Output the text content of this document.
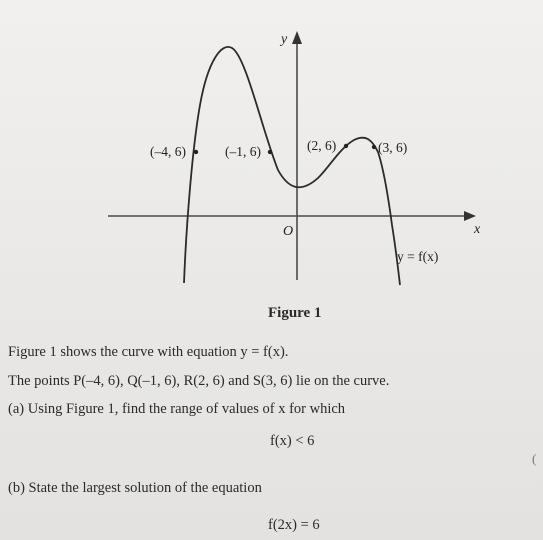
(–4, 6)	(–1, 6)	(2, 6)	(3, 6)
y
x
O
y = f(x)
Figure 1
Figure 1 shows the curve with equation y = f(x).
The points P(–4, 6), Q(–1, 6), R(2, 6) and S(3, 6) lie on the curve.
(a) Using Figure 1, find the range of values of x for which
f(x) < 6
(b) State the largest solution of the equation
f(2x) = 6
(
